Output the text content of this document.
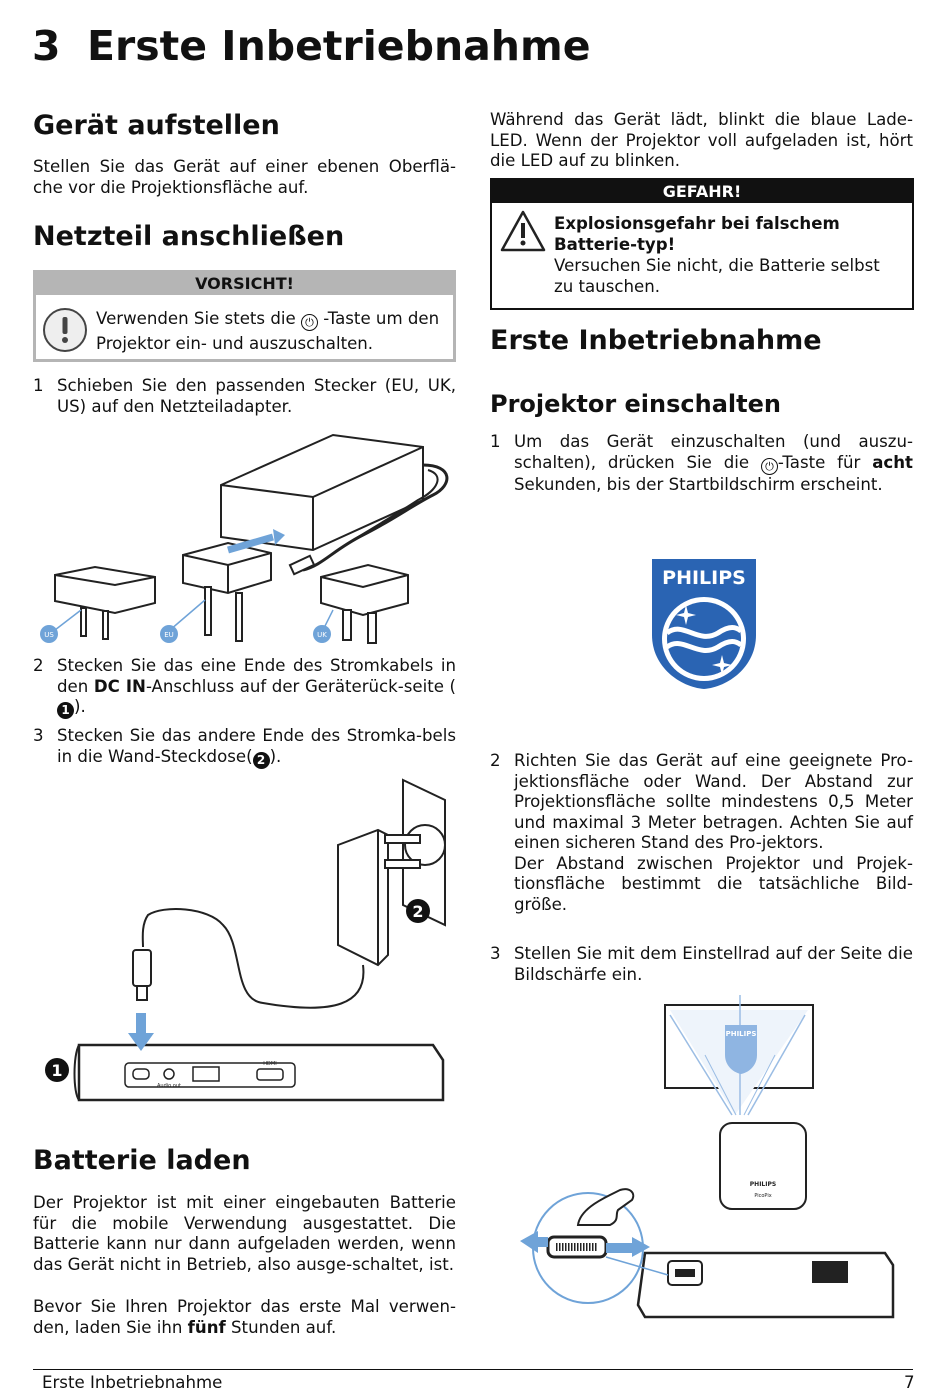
3 Erste Inbetriebnahme
Gerät aufstellen
Stellen Sie das Gerät auf einer ebenen Oberflä-che vor die Projektionsfläche auf.
Netzteil anschließen
VORSICHT!
Verwenden Sie stets die ⏻ -Taste um den Projektor ein- und auszuschalten.
1 Schieben Sie den passenden Stecker (EU, UK, US) auf den Netzteiladapter.
US	EU	UK
2 Stecken Sie das eine Ende des Stromkabels in den DC IN-Anschluss auf der Geräterück-seite (1 ).
3 Stecken Sie das andere Ende des Stromka-bels in die Wand-Steckdose( 2 ).
Audio out
HDMI
2
1
Batterie laden
Der Projektor ist mit einer eingebauten Batterie für die mobile Verwendung ausgestattet. Die Batterie kann nur dann aufgeladen werden, wenn das Gerät nicht in Betrieb, also ausge-schaltet, ist.
Bevor Sie Ihren Projektor das erste Mal verwen-den, laden Sie ihn fünf Stunden auf.
Während das Gerät lädt, blinkt die blaue Lade-LED. Wenn der Projektor voll aufgeladen ist, hört die LED auf zu blinken.
GEFAHR!
Explosionsgefahr bei falschem Batterie-typ!
Versuchen Sie nicht, die Batterie selbst zu tauschen.
Erste Inbetriebnahme
Projektor einschalten
1 Um das Gerät einzuschalten (und auszu-schalten), drücken Sie die ⏻ -Taste für acht Sekunden, bis der Startbildschirm erscheint.
PHILIPS
2 Richten Sie das Gerät auf eine geeignete Pro-jektionsfläche oder Wand. Der Abstand zur Projektionsfläche sollte mindestens 0,5 Meter und maximal 3 Meter betragen. Achten Sie auf einen sicheren Stand des Pro-jektors.
Der Abstand zwischen Projektor und Projek-tionsfläche bestimmt die tatsächliche Bild-größe.
3 Stellen Sie mit dem Einstellrad auf der Seite die Bildschärfe ein.
PHILIPS
PHILIPS
PicoPix
Erste Inbetriebnahme	7
